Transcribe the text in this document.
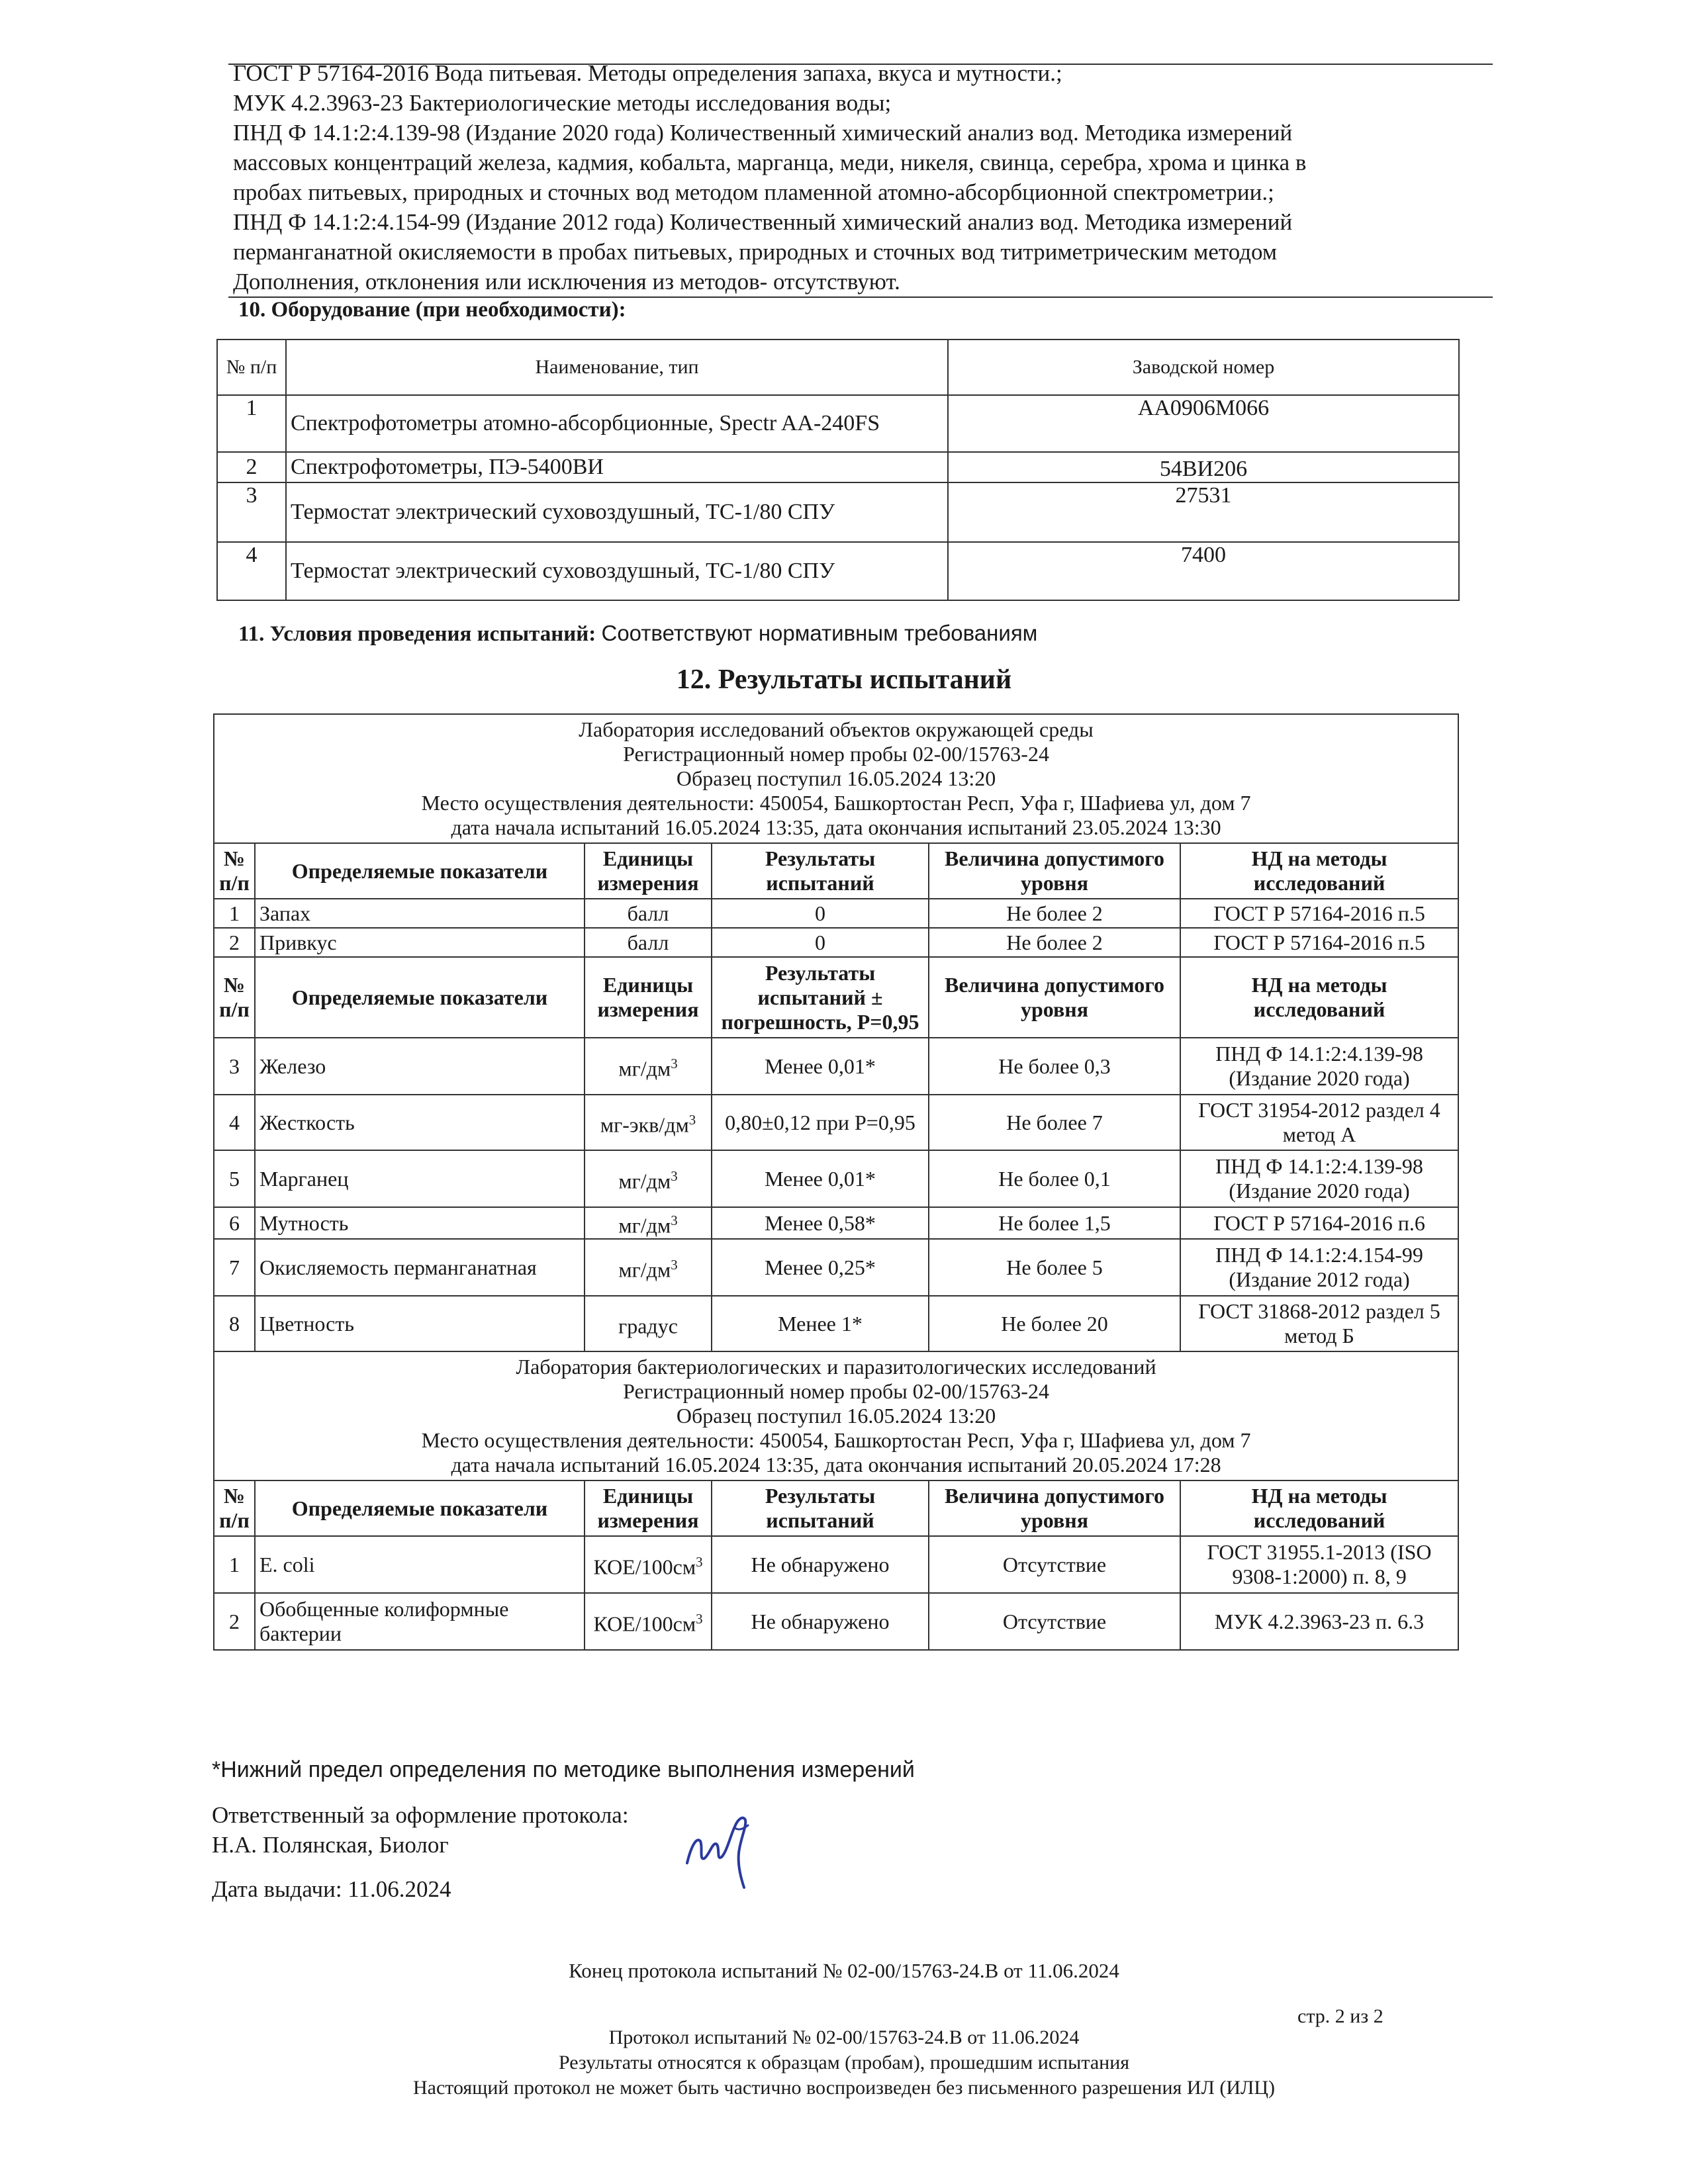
ГОСТ Р 57164-2016 Вода питьевая. Методы определения запаха, вкуса и мутности.;
МУК 4.2.3963-23 Бактериологические методы исследования воды;
ПНД Ф 14.1:2:4.139-98 (Издание 2020 года) Количественный химический анализ вод. Методика измерений
массовых концентраций железа, кадмия, кобальта, марганца, меди, никеля, свинца, серебра, хрома и цинка в
пробах питьевых, природных и сточных вод методом пламенной атомно-абсорбционной спектрометрии.;
ПНД Ф 14.1:2:4.154-99 (Издание 2012 года) Количественный химический анализ вод. Методика измерений
перманганатной окисляемости в пробах питьевых, природных и сточных вод титриметрическим методом
Дополнения, отклонения или исключения из методов- отсутствуют.
10. Оборудование (при необходимости):
№ п/п	Наименование, тип	Заводской номер
1	Спектрофотометры атомно-абсорбционные, Spectr AA-240FS	AA0906M066
2	Спектрофотометры, ПЭ-5400ВИ	54ВИ206
3	Термостат электрический суховоздушный, ТС-1/80 СПУ	27531
4	Термостат электрический суховоздушный, ТС-1/80 СПУ	7400
11. Условия проведения испытаний: Соответствуют нормативным требованиям
12. Результаты испытаний
Лаборатория исследований объектов окружающей среды
Регистрационный номер пробы 02-00/15763-24
Образец поступил 16.05.2024 13:20
Место осуществления деятельности: 450054, Башкортостан Респ, Уфа г, Шафиева ул, дом 7
дата начала испытаний 16.05.2024 13:35, дата окончания испытаний 23.05.2024 13:30					

№ п/п	Определяемые показатели	Единицы измерения	Результаты испытаний	Величина допустимого уровня	НД на методы исследований
1	Запах	балл	0	Не более 2	ГОСТ Р 57164-2016 п.5
2	Привкус	балл	0	Не более 2	ГОСТ Р 57164-2016 п.5
№ п/п	Определяемые показатели	Единицы измерения	Результаты испытаний ± погрешность, Р=0,95	Величина допустимого уровня	НД на методы исследований
3	Железо	$мг/дм^3$	Менее 0,01*	Не более 0,3	ПНД Ф 14.1:2:4.139-98 (Издание 2020 года)
4	Жесткость	$мг-экв/дм^3$	0,80±0,12 при Р=0,95	Не более 7	ГОСТ 31954-2012 раздел 4 метод А
5	Марганец	$мг/дм^3$	Менее 0,01*	Не более 0,1	ПНД Ф 14.1:2:4.139-98 (Издание 2020 года)
6	Мутность	$мг/дм^3$	Менее 0,58*	Не более 1,5	ГОСТ Р 57164-2016 п.6
7	Окисляемость перманганатная	$мг/дм^3$	Менее 0,25*	Не более 5	ПНД Ф 14.1:2:4.154-99 (Издание 2012 года)
8	Цветность	градус	Менее 1*	Не более 20	ГОСТ 31868-2012 раздел 5 метод Б

Лаборатория бактериологических и паразитологических исследований
Регистрационный номер пробы 02-00/15763-24
Образец поступил 16.05.2024 13:20
Место осуществления деятельности: 450054, Башкортостан Респ, Уфа г, Шафиева ул, дом 7
дата начала испытаний 16.05.2024 13:35, дата окончания испытаний 20.05.2024 17:28					

№ п/п	Определяемые показатели	Единицы измерения	Результаты испытаний	Величина допустимого уровня	НД на методы исследований
1	E. coli	КОЕ/$100см^3$	Не обнаружено	Отсутствие	ГОСТ 31955.1-2013 (ISO 9308-1:2000) п. 8, 9
2	Обобщенные колиформные бактерии	КОЕ/$100см^3$	Не обнаружено	Отсутствие	МУК 4.2.3963-23 п. 6.3
*Нижний предел определения по методике выполнения измерений
Ответственный за оформление протокола:
Н.А. Полянская, Биолог
Дата выдачи: 11.06.2024
Конец протокола испытаний № 02-00/15763-24.В от 11.06.2024
стр. 2 из 2
Протокол испытаний № 02-00/15763-24.В от 11.06.2024
Результаты относятся к образцам (пробам), прошедшим испытания
Настоящий протокол не может быть частично воспроизведен без письменного разрешения ИЛ (ИЛЦ)
